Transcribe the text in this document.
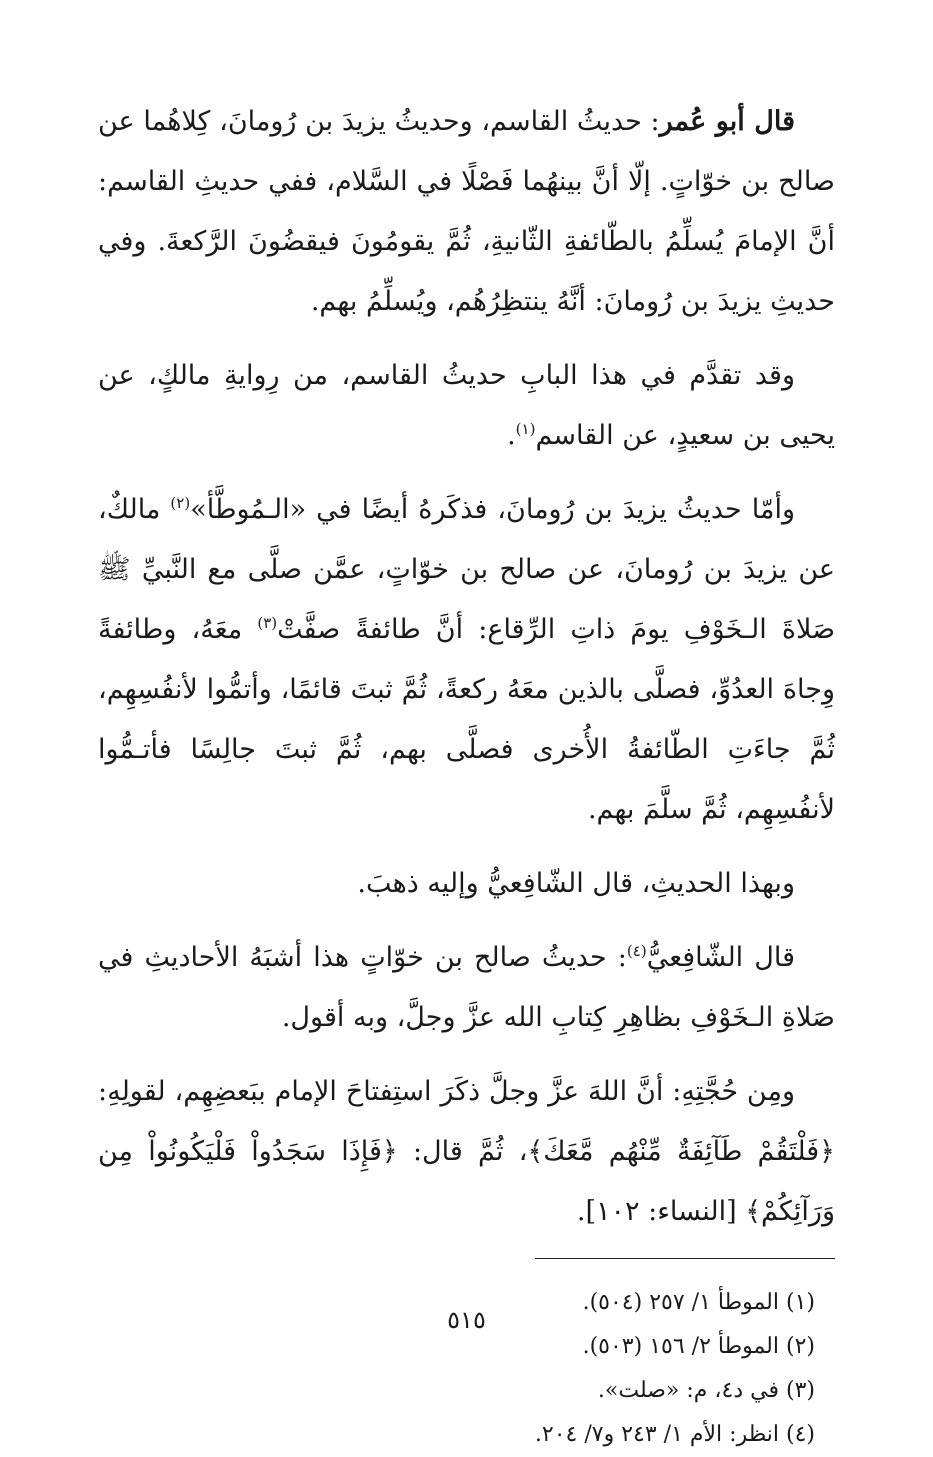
قال أبو عُمر: حديثُ القاسم، وحديثُ يزيدَ بن رُومانَ، كِلاهُما عن صالح بن خوّاتٍ. إلّا أنَّ بينهُما فَصْلًا في السَّلام، ففي حديثِ القاسم: أنَّ الإمامَ يُسلِّمُ بالطّائفةِ الثّانيةِ، ثُمَّ يقومُونَ فيقضُونَ الرَّكعةَ. وفي حديثِ يزيدَ بن رُومانَ: أنَّهُ ينتظِرُهُم، ويُسلِّمُ بهم.

وقد تقدَّم في هذا البابِ حديثُ القاسم، من رِوايةِ مالكٍ، عن يحيى بن سعيدٍ، عن القاسم$^{(١)}$.

وأمّا حديثُ يزيدَ بن رُومانَ، فذكَرهُ أيضًا في «الـمُوطَّأ»$^{(٢)}$ مالكٌ، عن يزيدَ بن رُومانَ، عن صالح بن خوّاتٍ، عمَّن صلَّى مع النَّبيِّ ﷺ صَلاةَ الـخَوْفِ يومَ ذاتِ الرِّقاع: أنَّ طائفةً صفَّتْ$^{(٣)}$ معَهُ، وطائفةً وِجاهَ العدُوِّ، فصلَّى بالذين معَهُ ركعةً، ثُمَّ ثبتَ قائمًا، وأتمُّوا لأنفُسِهِم، ثُمَّ جاءَتِ الطّائفةُ الأُخرى فصلَّى بهم، ثُمَّ ثبتَ جالِسًا فأتـمُّوا لأنفُسِهِم، ثُمَّ سلَّمَ بهم.

وبهذا الحديثِ، قال الشّافِعيُّ وإليه ذهبَ.

قال الشّافِعيُّ$^{(٤)}$: حديثُ صالح بن خوّاتٍ هذا أشبَهُ الأحاديثِ في صَلاةِ الـخَوْفِ بظاهِرِ كِتابِ الله عزَّ وجلَّ، وبه أقول.

ومِن حُجَّتِهِ: أنَّ اللهَ عزَّ وجلَّ ذكَرَ استِفتاحَ الإمام ببَعضِهِم، لقولِهِ: ﴿فَلْتَقُمْ طَآئِفَةٌ مِّنْهُم مَّعَكَ﴾، ثُمَّ قال: ﴿فَإِذَا سَجَدُواْ فَلْيَكُونُواْ مِن وَرَآئِكُمْ﴾ [النساء: ١٠٢].

(١) الموطأ ١/ ٢٥٧ (٥٠٤).

(٢) الموطأ ٢/ ١٥٦ (٥٠٣).

(٣) في د٤، م: «صلت».

(٤) انظر: الأم ١/ ٢٤٣ و٧/ ٢٠٤.

٥١٥
